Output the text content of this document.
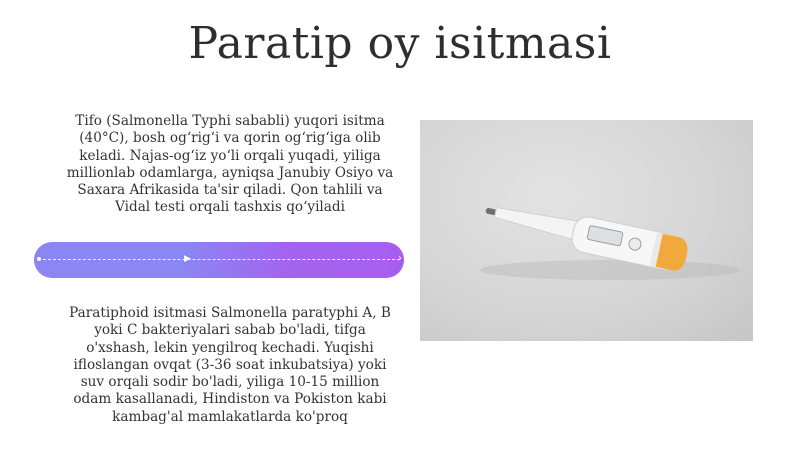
Paratip oy isitmasi
Tifo (Salmonella Typhi sababli) yuqori isitma (40°C), bosh og‘rig‘i va qorin og‘rig‘iga olib keladi. Najas-og‘iz yo‘li orqali yuqadi, yiligа millionlab odamlarga, ayniqsa Janubiy Osiyo va Saxara Afrikasida ta'sir qiladi. Qon tahlili va Vidal testi orqali tashxis qo‘yiladi
▶	›
Paratiphoid isitmasi Salmonella paratyphi A, B yoki C bakteriyalari sabab bo'ladi, tifga o'xshash, lekin yengilroq kechadi. Yuqishi ifloslangan ovqat (3-36 soat inkubatsiya) yoki suv orqali sodir bo'ladi, yiliga 10-15 million odam kasallanadi, Hindiston va Pokiston kabi kambag'al mamlakatlarda ko'proq
